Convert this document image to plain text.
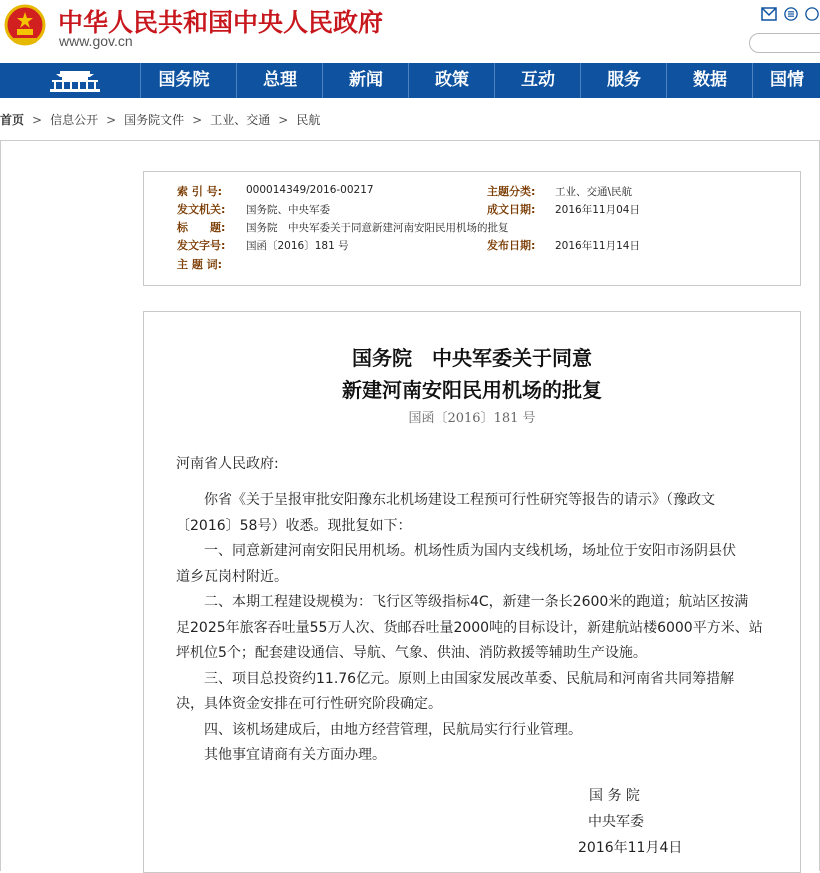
中华人民共和国中央人民政府
www.gov.cn
国务院	总理	新闻	政策	互动	服务	数据	国情
首页 > 信息公开 > 国务院文件 > 工业、交通 > 民航
索 引 号: 000014349/2016-00217	主题分类: 工业、交通\民航
发文机关: 国务院、中央军委	成文日期: 2016年11月04日
标　　题: 国务院　中央军委关于同意新建河南安阳民用机场的批复
发文字号: 国函〔2016〕181 号	发布日期: 2016年11月14日
主 题 词:
国务院　中央军委关于同意
新建河南安阳民用机场的批复
国函〔2016〕181 号
河南省人民政府:
你省《关于呈报审批安阳豫东北机场建设工程预可行性研究等报告的请示》（豫政文
〔2016〕58号）收悉。现批复如下：
一、同意新建河南安阳民用机场。机场性质为国内支线机场，场址位于安阳市汤阴县伏
道乡瓦岗村附近。
二、本期工程建设规模为：飞行区等级指标4C，新建一条长2600米的跑道；航站区按满
足2025年旅客吞吐量55万人次、货邮吞吐量2000吨的目标设计，新建航站楼6000平方米、站
坪机位5个；配套建设通信、导航、气象、供油、消防救援等辅助生产设施。
三、项目总投资约11.76亿元。原则上由国家发展改革委、民航局和河南省共同筹措解
决，具体资金安排在可行性研究阶段确定。
四、该机场建成后，由地方经营管理，民航局实行行业管理。
其他事宜请商有关方面办理。
国 务 院
中央军委
2016年11月4日
